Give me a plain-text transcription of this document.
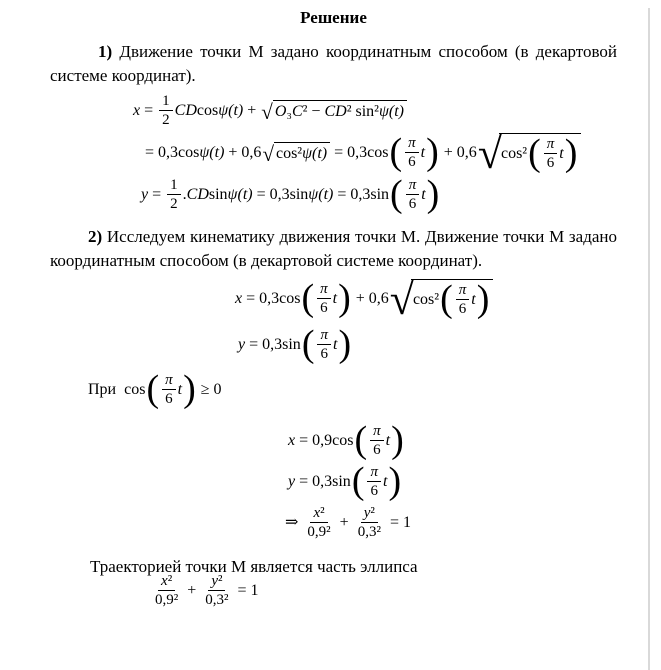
Решение
1) Движение точки М задано координатным способом (в декартовой
системе координат).
$x = \frac{1}{2}$ CD cos ψ(t) + √ O ₃ C ² − CD ² sin² ψ(t)
= 0,3cos ψ(t) + 0,6 √ cos² ψ(t) = 0,3cos ( $\frac{\pi}{6}$ t ) + 0,6 √ cos² ( $\frac{\pi}{6}$ t )
$y = \frac{1}{2}$ . CD sin ψ(t) = 0,3sin ψ(t) = 0,3sin ( $\frac{\pi}{6}$ t )
2) Исследуем кинематику движения точки М. Движение точки М задано
координатным способом (в декартовой системе координат).
x = 0,3cos ( $\frac{\pi}{6}$ t ) + 0,6 √ cos² ( $\frac{\pi}{6}$ t )
y = 0,3sin ( $\frac{\pi}{6}$ t )
При cos ( $\frac{\pi}{6}$ t ) ≥ 0
x = 0,9cos ( $\frac{\pi}{6}$ t )
y = 0,3sin ( $\frac{\pi}{6}$ t )
⇒ $\frac{\text{x ²}}{\text{0,9²}} + \frac{\text{y ²}}{\text{0,3²}} = 1$
Траекторией точки М является часть эллипса
$\frac{\text{x ²}}{\text{0,9²}} + \frac{\text{y ²}}{\text{0,3²}} = 1$
